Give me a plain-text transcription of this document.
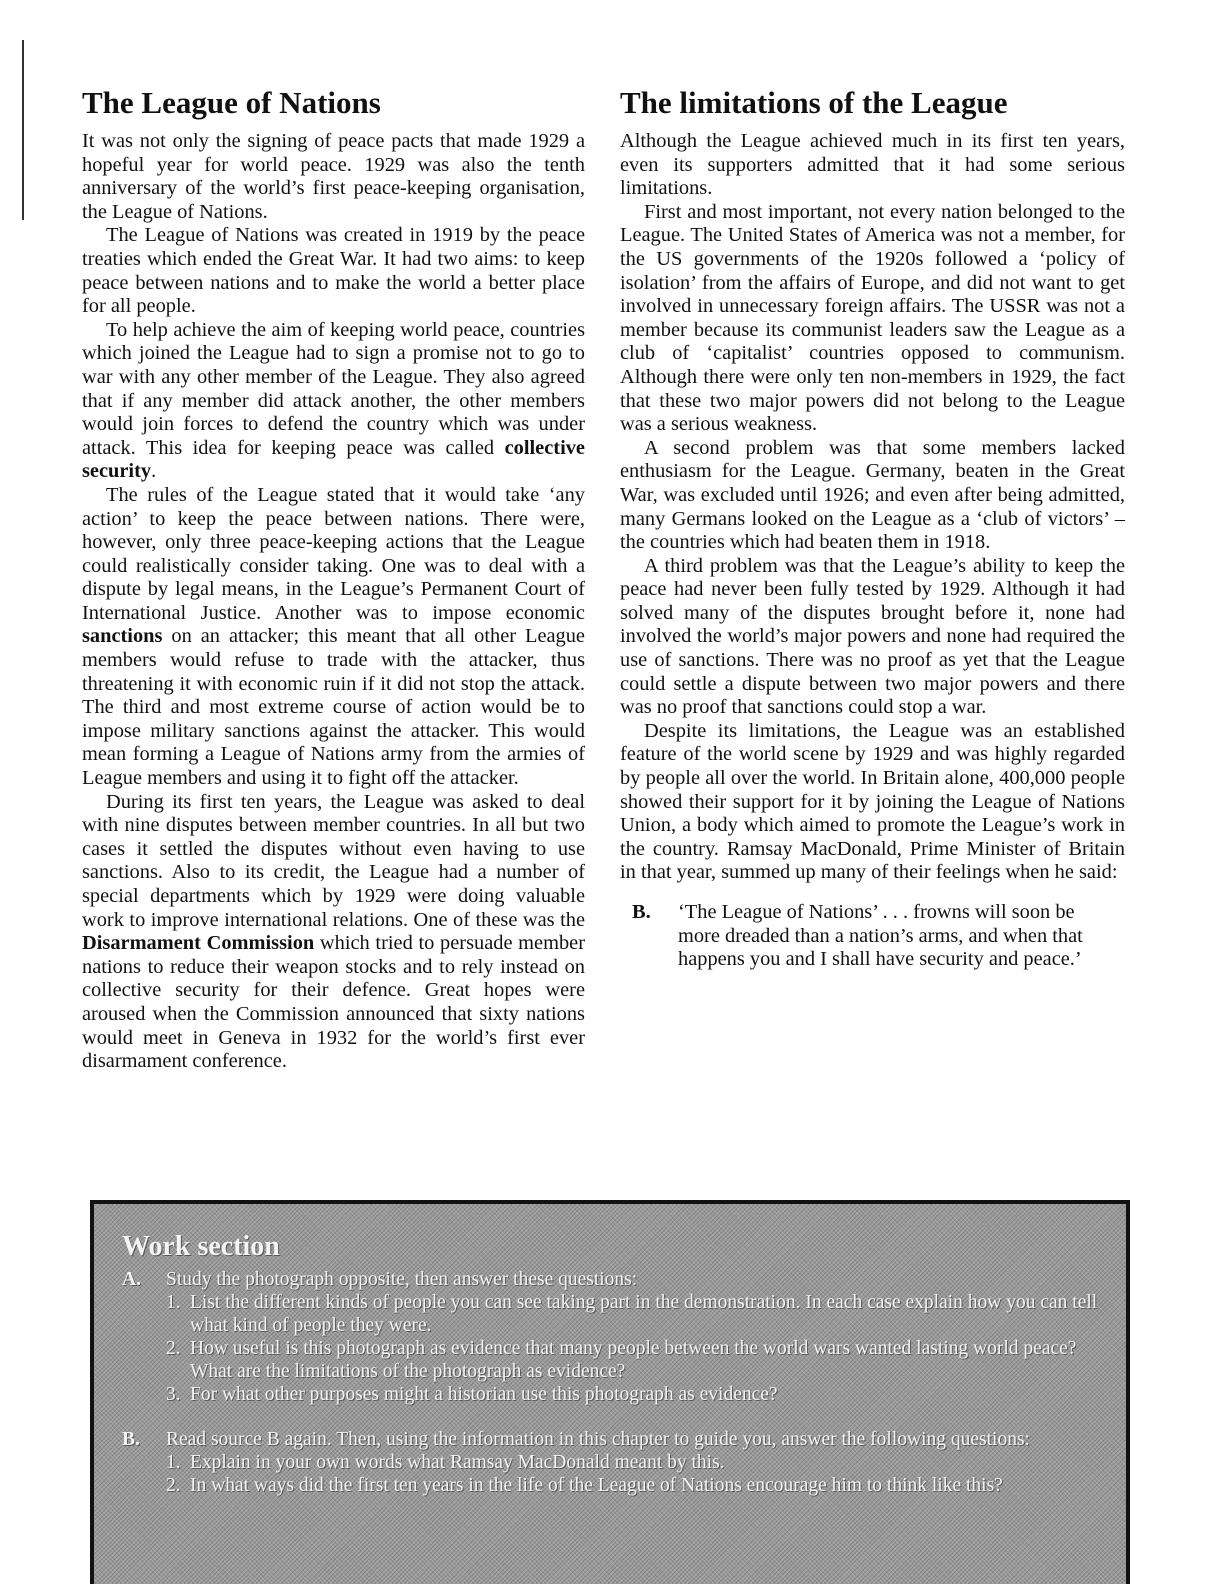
The League of Nations

It was not only the signing of peace pacts that made 1929 a hopeful year for world peace. 1929 was also the tenth anniversary of the world’s first peace-keeping organisation, the League of Nations.

The League of Nations was created in 1919 by the peace treaties which ended the Great War. It had two aims: to keep peace between nations and to make the world a better place for all people.

To help achieve the aim of keeping world peace, countries which joined the League had to sign a promise not to go to war with any other member of the League. They also agreed that if any member did attack another, the other members would join forces to defend the country which was under attack. This idea for keeping peace was called collective security.

The rules of the League stated that it would take ‘any action’ to keep the peace between nations. There were, however, only three peace-keeping actions that the League could realistically consider taking. One was to deal with a dispute by legal means, in the League’s Permanent Court of International Justice. Another was to impose economic sanctions on an attacker; this meant that all other League members would refuse to trade with the attacker, thus threatening it with economic ruin if it did not stop the attack. The third and most extreme course of action would be to impose military sanctions against the attacker. This would mean forming a League of Nations army from the armies of League members and using it to fight off the attacker.

During its first ten years, the League was asked to deal with nine disputes between member countries. In all but two cases it settled the disputes without even having to use sanctions. Also to its credit, the League had a number of special departments which by 1929 were doing valuable work to improve international relations. One of these was the Disarmament Commission which tried to persuade member nations to reduce their weapon stocks and to rely instead on collective security for their defence. Great hopes were aroused when the Commission announced that sixty nations would meet in Geneva in 1932 for the world’s first ever disarmament conference.

The limitations of the League

Although the League achieved much in its first ten years, even its supporters admitted that it had some serious limitations.

First and most important, not every nation belonged to the League. The United States of America was not a member, for the US governments of the 1920s followed a ‘policy of isolation’ from the affairs of Europe, and did not want to get involved in unnecessary foreign affairs. The USSR was not a member because its communist leaders saw the League as a club of ‘capitalist’ countries opposed to communism. Although there were only ten non-members in 1929, the fact that these two major powers did not belong to the League was a serious weakness.

A second problem was that some members lacked enthusiasm for the League. Germany, beaten in the Great War, was excluded until 1926; and even after being admitted, many Germans looked on the League as a ‘club of victors’ – the countries which had beaten them in 1918.

A third problem was that the League’s ability to keep the peace had never been fully tested by 1929. Although it had solved many of the disputes brought before it, none had involved the world’s major powers and none had required the use of sanctions. There was no proof as yet that the League could settle a dispute between two major powers and there was no proof that sanctions could stop a war.

Despite its limitations, the League was an established feature of the world scene by 1929 and was highly regarded by people all over the world. In Britain alone, 400,000 people showed their support for it by joining the League of Nations Union, a body which aimed to promote the League’s work in the country. Ramsay MacDonald, Prime Minister of Britain in that year, summed up many of their feelings when he said:

B.	‘The League of Nations’ . . . frowns will soon be more dreaded than a nation’s arms, and when that happens you and I shall have security and peace.’
Work section
A.	Study the photograph opposite, then answer these questions:
1. List the different kinds of people you can see taking part in the demonstration. In each case explain how you can tell what kind of people they were.
2. How useful is this photograph as evidence that many people between the world wars wanted lasting world peace? What are the limitations of the photograph as evidence?
3. For what other purposes might a historian use this photograph as evidence?
B.	Read source B again. Then, using the information in this chapter to guide you, answer the following questions:
1. Explain in your own words what Ramsay MacDonald meant by this.
2. In what ways did the first ten years in the life of the League of Nations encourage him to think like this?
